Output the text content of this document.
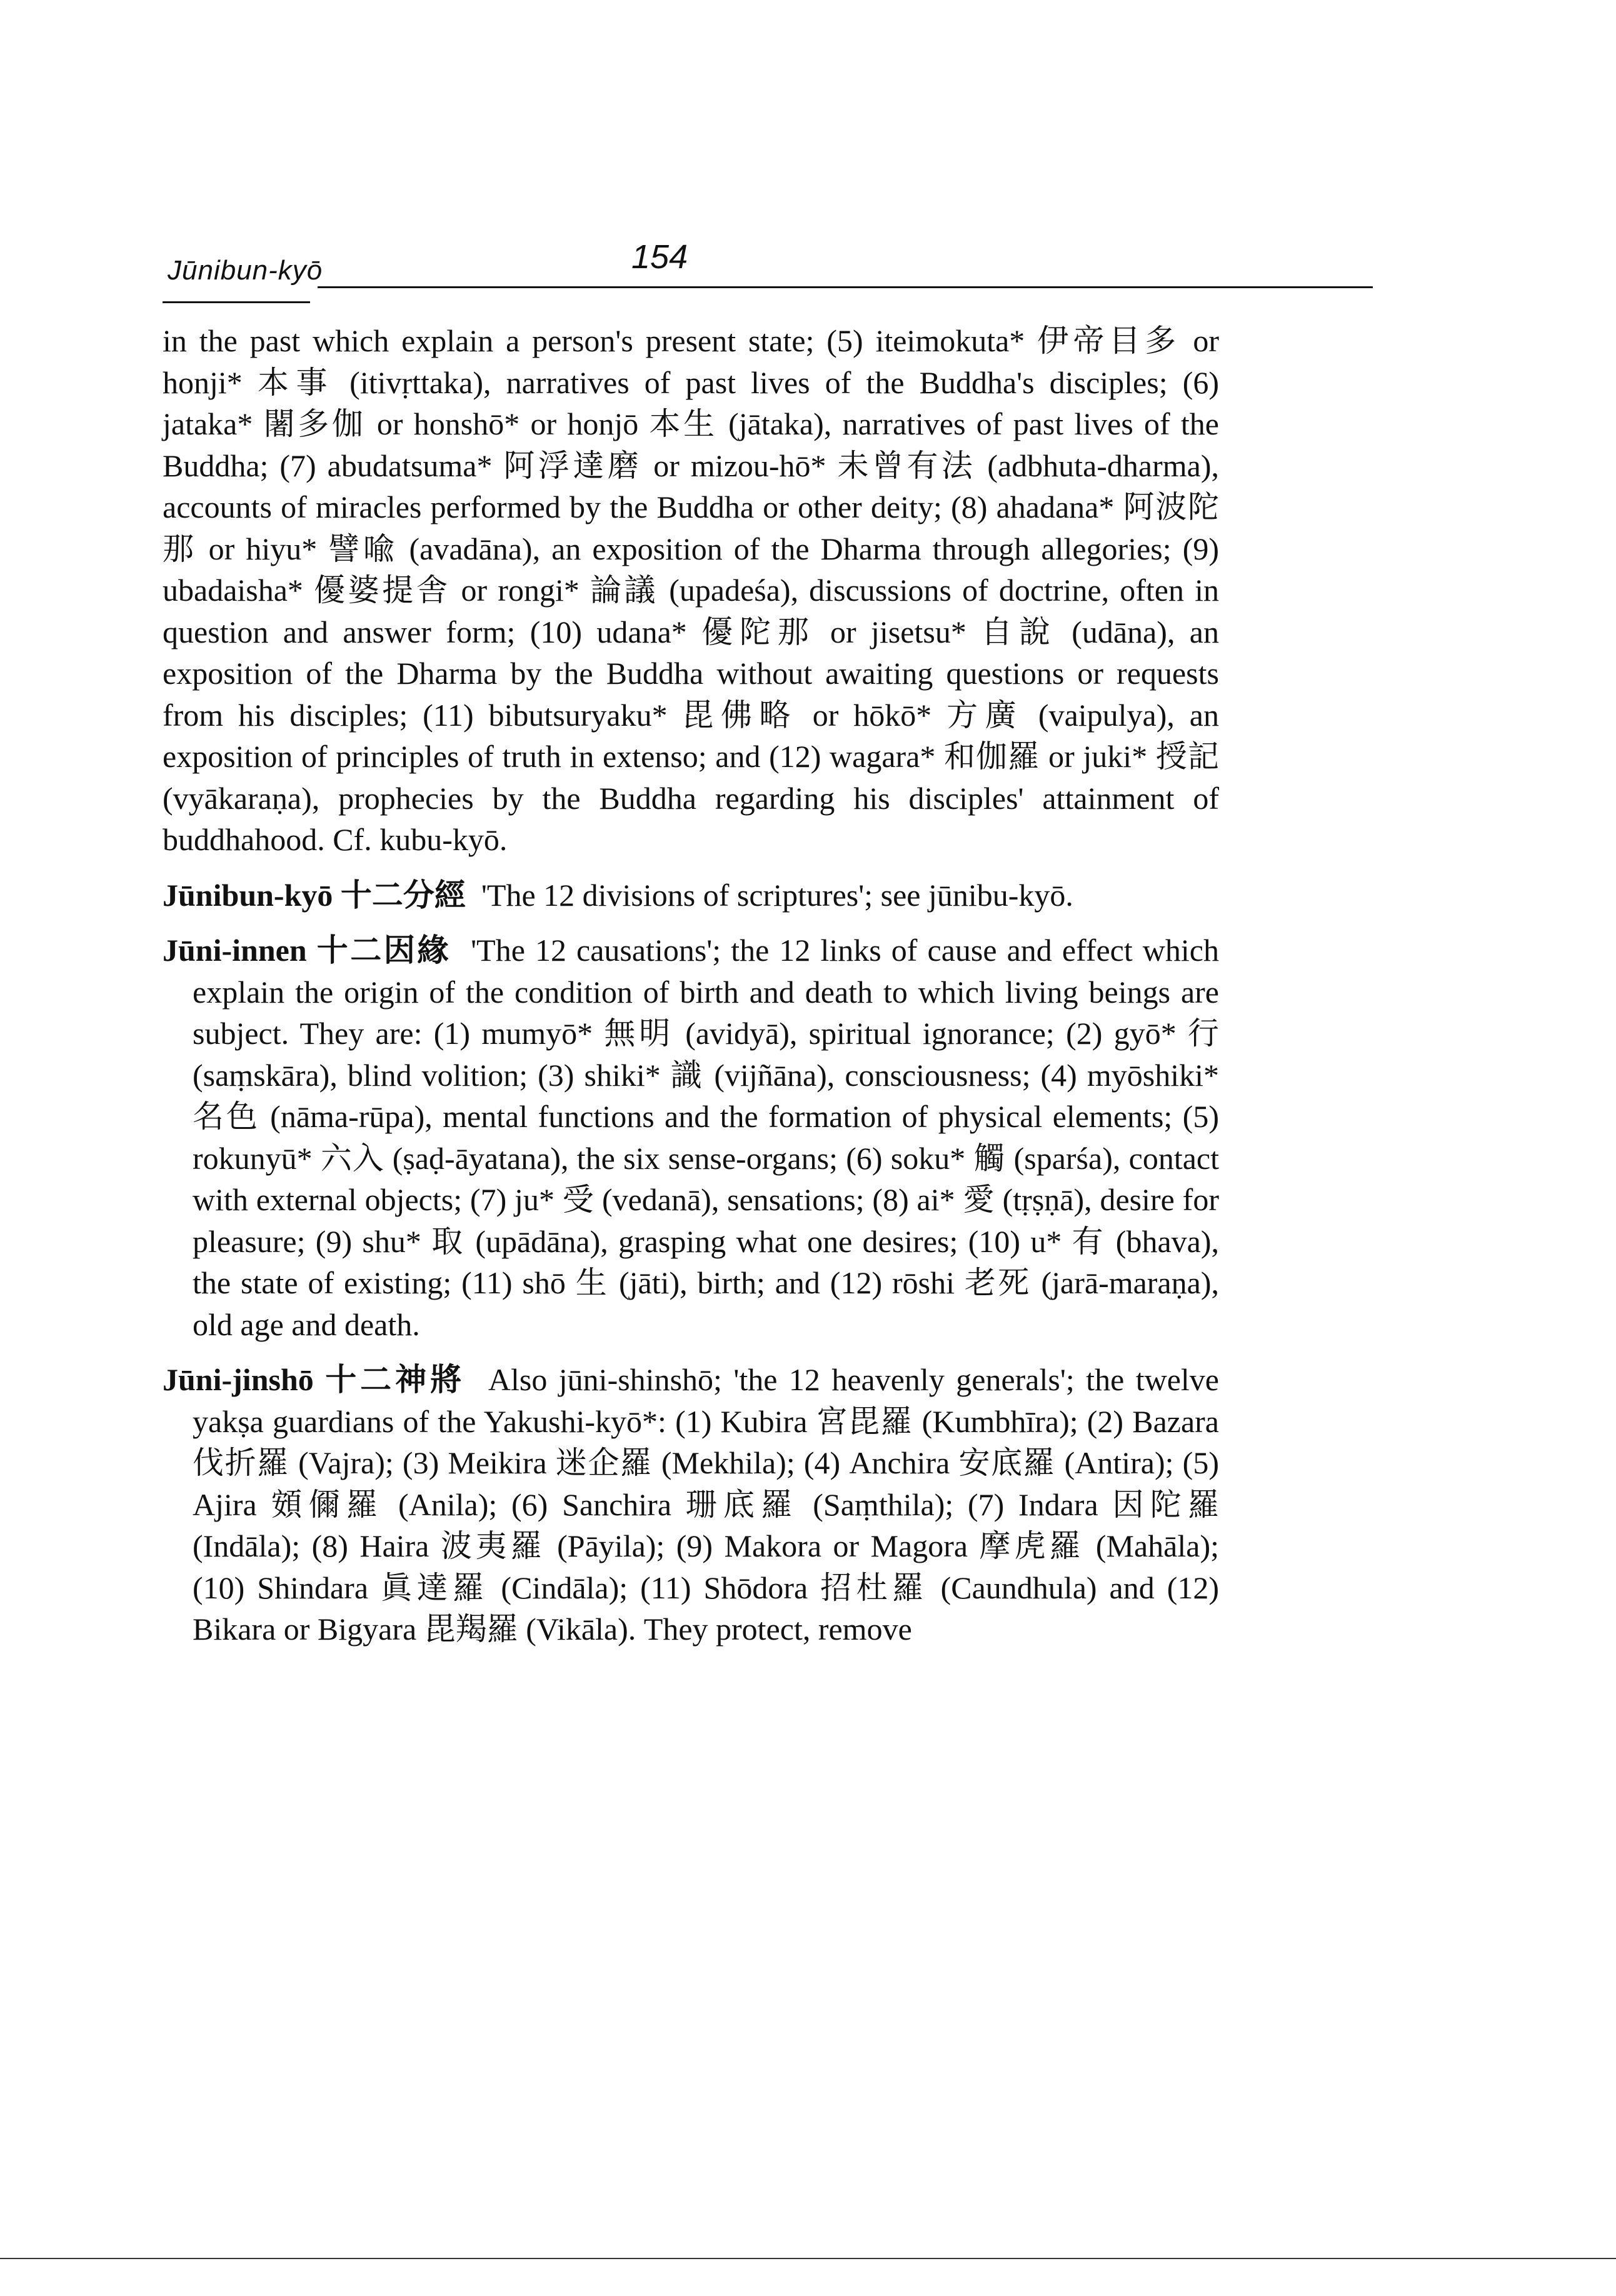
Jūnibun-kyō	154

in the past which explain a person's present state; (5) iteimokuta* 伊帝目多 or honji* 本事 (itivṛttaka), narratives of past lives of the Buddha's disciples; (6) jataka* 闍多伽 or honshō* or honjō 本生 (jātaka), narratives of past lives of the Buddha; (7) abudatsuma* 阿浮達磨 or mizou-hō* 未曾有法 (adbhuta-dharma), accounts of miracles performed by the Buddha or other deity; (8) ahadana* 阿波陀那 or hiyu* 譬喩 (avadāna), an exposition of the Dharma through allegories; (9) ubadaisha* 優婆提舎 or rongi* 論議 (upadeśa), discussions of doctrine, often in question and answer form; (10) udana* 優陀那 or jisetsu* 自說 (udāna), an exposition of the Dharma by the Buddha without awaiting questions or requests from his disciples; (11) bibutsuryaku* 毘佛略 or hōkō* 方廣 (vaipulya), an exposition of principles of truth in extenso; and (12) wagara* 和伽羅 or juki* 授記 (vyākaraṇa), prophecies by the Buddha regarding his disciples' attainment of buddhahood. Cf. kubu-kyō.

Jūnibun-kyō 十二分經 'The 12 divisions of scriptures'; see jūnibu-kyō.

Jūni-innen 十二因緣 'The 12 causations'; the 12 links of cause and effect which explain the origin of the condition of birth and death to which living beings are subject. They are: (1) mumyō* 無明 (avidyā), spiritual ignorance; (2) gyō* 行 (saṃskāra), blind volition; (3) shiki* 識 (vijñāna), consciousness; (4) myōshiki* 名色 (nāma-rūpa), mental functions and the formation of physical elements; (5) rokunyū* 六入 (ṣaḍ-āyatana), the six sense-organs; (6) soku* 觸 (sparśa), contact with external objects; (7) ju* 受 (vedanā), sensations; (8) ai* 愛 (tṛṣṇā), desire for pleasure; (9) shu* 取 (upādāna), grasping what one desires; (10) u* 有 (bhava), the state of existing; (11) shō 生 (jāti), birth; and (12) rōshi 老死 (jarā-maraṇa), old age and death.

Jūni-jinshō 十二神將 Also jūni-shinshō; 'the 12 heavenly generals'; the twelve yakṣa guardians of the Yakushi-kyō*: (1) Kubira 宮毘羅 (Kumbhīra); (2) Bazara 伐折羅 (Vajra); (3) Meikira 迷企羅 (Mekhila); (4) Anchira 安底羅 (Antira); (5) Ajira 頞儞羅 (Anila); (6) Sanchira 珊底羅 (Saṃthila); (7) Indara 因陀羅 (Indāla); (8) Haira 波夷羅 (Pāyila); (9) Makora or Magora 摩虎羅 (Mahāla); (10) Shindara 眞達羅 (Cindāla); (11) Shōdora 招杜羅 (Caundhula) and (12) Bikara or Bigyara 毘羯羅 (Vikāla). They protect, remove
